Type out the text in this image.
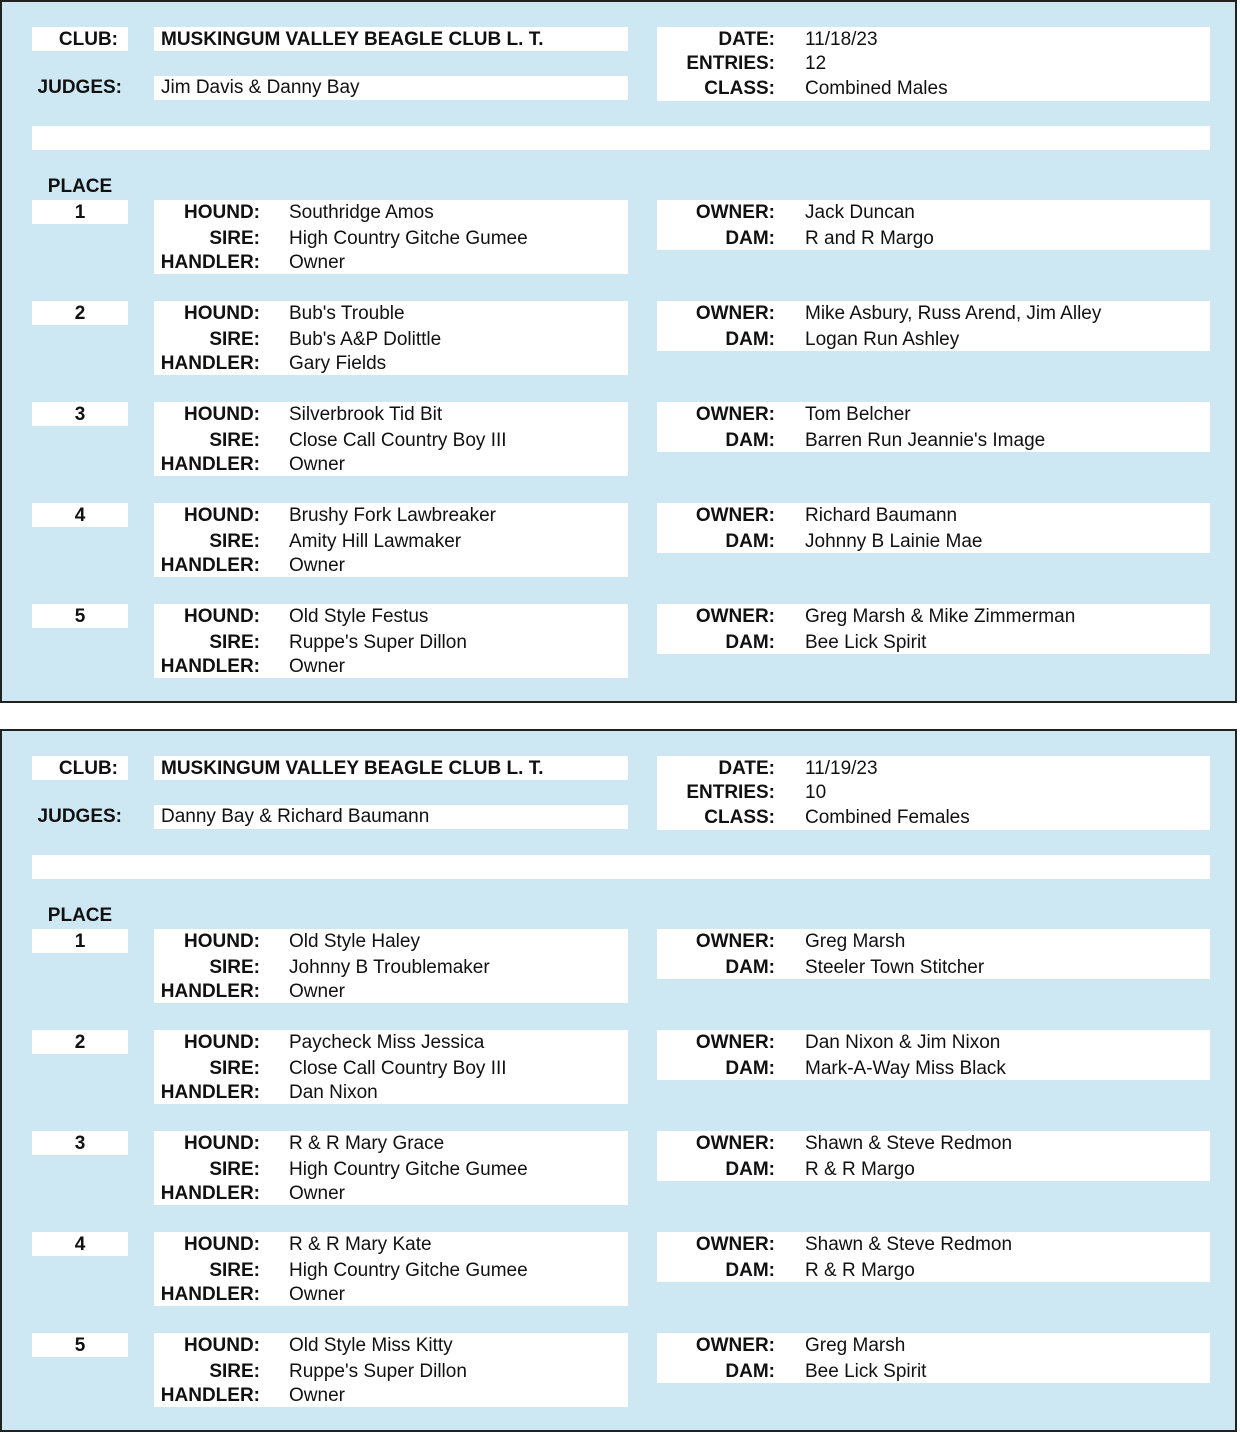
CLUB: MUSKINGUM VALLEY BEAGLE CLUB L. T.
JUDGES: Jim Davis & Danny Bay
DATE: 11/18/23
ENTRIES: 12
CLASS: Combined Males
PLACE
1	HOUND: Southridge Amos
SIRE: High Country Gitche Gumee
HANDLER: Owner
OWNER: Jack Duncan
DAM: R and R Margo
2	HOUND: Bub's Trouble
SIRE: Bub's A&P Dolittle
HANDLER: Gary Fields
OWNER: Mike Asbury, Russ Arend, Jim Alley
DAM: Logan Run Ashley
3	HOUND: Silverbrook Tid Bit
SIRE: Close Call Country Boy III
HANDLER: Owner
OWNER: Tom Belcher
DAM: Barren Run Jeannie's Image
4	HOUND: Brushy Fork Lawbreaker
SIRE: Amity Hill Lawmaker
HANDLER: Owner
OWNER: Richard Baumann
DAM: Johnny B Lainie Mae
5	HOUND: Old Style Festus
SIRE: Ruppe's Super Dillon
HANDLER: Owner
OWNER: Greg Marsh & Mike Zimmerman
DAM: Bee Lick Spirit
CLUB: MUSKINGUM VALLEY BEAGLE CLUB L. T.
JUDGES: Danny Bay & Richard Baumann
DATE: 11/19/23
ENTRIES: 10
CLASS: Combined Females
PLACE
1	HOUND: Old Style Haley
SIRE: Johnny B Troublemaker
HANDLER: Owner
OWNER: Greg Marsh
DAM: Steeler Town Stitcher
2	HOUND: Paycheck Miss Jessica
SIRE: Close Call Country Boy III
HANDLER: Dan Nixon
OWNER: Dan Nixon & Jim Nixon
DAM: Mark-A-Way Miss Black
3	HOUND: R & R Mary Grace
SIRE: High Country Gitche Gumee
HANDLER: Owner
OWNER: Shawn & Steve Redmon
DAM: R & R Margo
4	HOUND: R & R Mary Kate
SIRE: High Country Gitche Gumee
HANDLER: Owner
OWNER: Shawn & Steve Redmon
DAM: R & R Margo
5	HOUND: Old Style Miss Kitty
SIRE: Ruppe's Super Dillon
HANDLER: Owner
OWNER: Greg Marsh
DAM: Bee Lick Spirit
